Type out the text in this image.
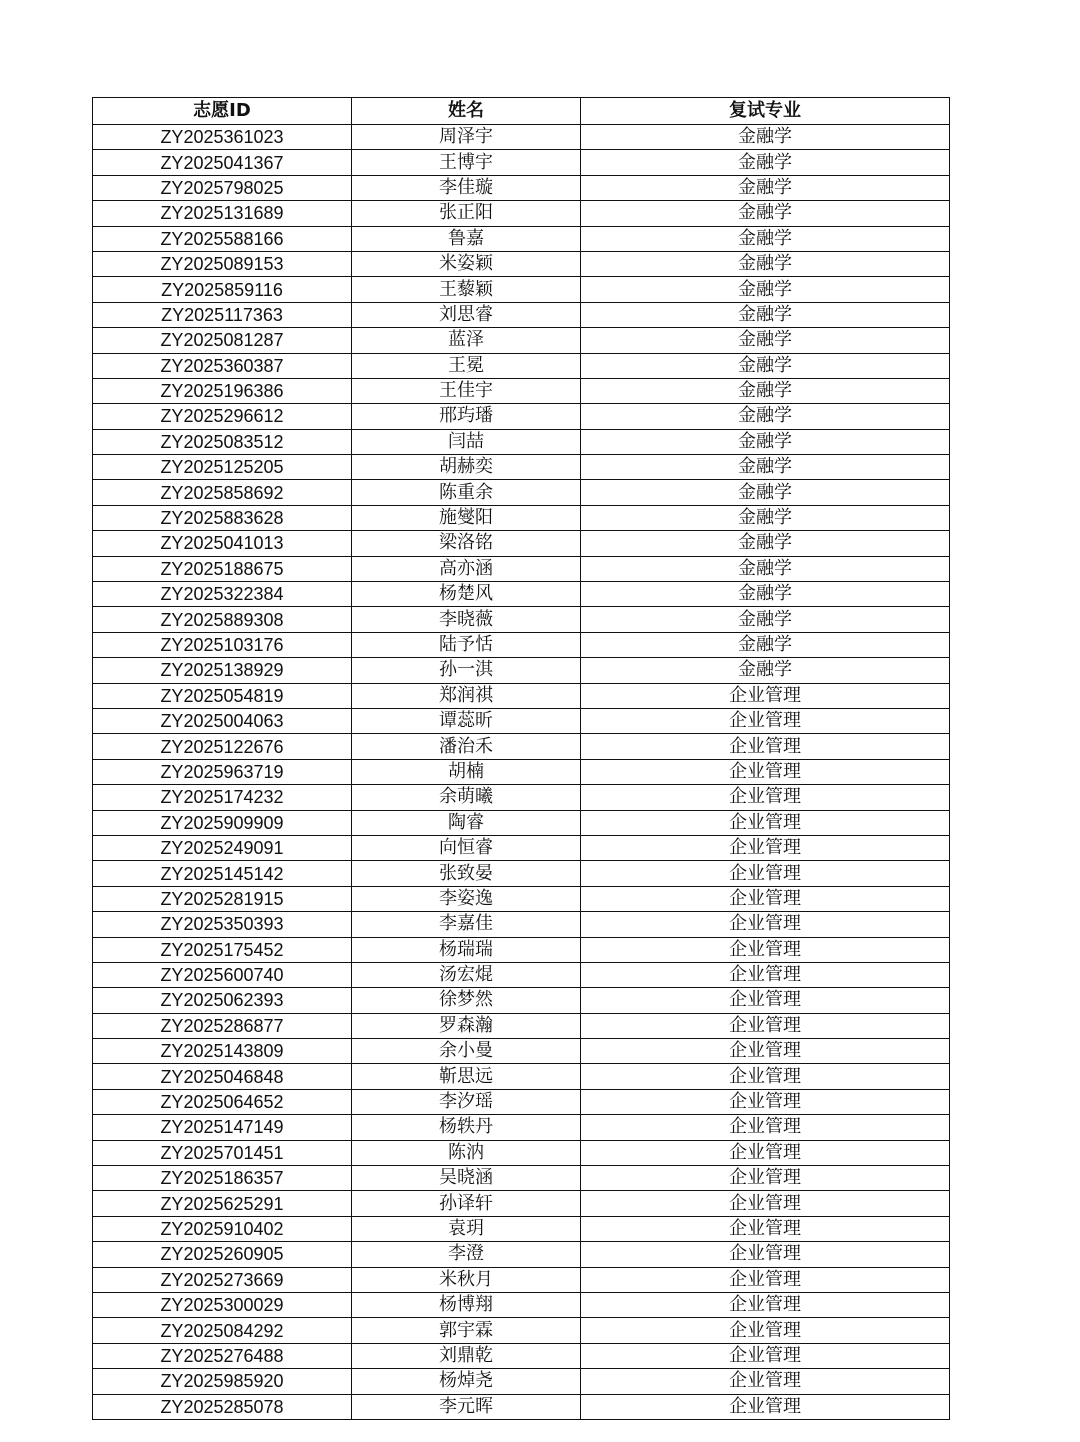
志愿ID	姓名	复试专业
ZY2025361023	周泽宇	金融学
ZY2025041367	王博宇	金融学
ZY2025798025	李佳璇	金融学
ZY2025131689	张正阳	金融学
ZY2025588166	鲁嘉	金融学
ZY2025089153	米姿颖	金融学
ZY2025859116	王藜颖	金融学
ZY2025117363	刘思睿	金融学
ZY2025081287	蓝泽	金融学
ZY2025360387	王冕	金融学
ZY2025196386	王佳宇	金融学
ZY2025296612	邢玙璠	金融学
ZY2025083512	闫喆	金融学
ZY2025125205	胡赫奕	金融学
ZY2025858692	陈重余	金融学
ZY2025883628	施燮阳	金融学
ZY2025041013	梁洛铭	金融学
ZY2025188675	高亦涵	金融学
ZY2025322384	杨楚风	金融学
ZY2025889308	李晓薇	金融学
ZY2025103176	陆予恬	金融学
ZY2025138929	孙一淇	金融学
ZY2025054819	郑润祺	企业管理
ZY2025004063	谭蕊昕	企业管理
ZY2025122676	潘治禾	企业管理
ZY2025963719	胡楠	企业管理
ZY2025174232	余萌曦	企业管理
ZY2025909909	陶睿	企业管理
ZY2025249091	向恒睿	企业管理
ZY2025145142	张致晏	企业管理
ZY2025281915	李姿逸	企业管理
ZY2025350393	李嘉佳	企业管理
ZY2025175452	杨瑞瑞	企业管理
ZY2025600740	汤宏焜	企业管理
ZY2025062393	徐梦然	企业管理
ZY2025286877	罗森瀚	企业管理
ZY2025143809	余小曼	企业管理
ZY2025046848	靳思远	企业管理
ZY2025064652	李汐瑶	企业管理
ZY2025147149	杨轶丹	企业管理
ZY2025701451	陈汭	企业管理
ZY2025186357	吴晓涵	企业管理
ZY2025625291	孙译轩	企业管理
ZY2025910402	袁玥	企业管理
ZY2025260905	李澄	企业管理
ZY2025273669	米秋月	企业管理
ZY2025300029	杨博翔	企业管理
ZY2025084292	郭宇霖	企业管理
ZY2025276488	刘鼎乾	企业管理
ZY2025985920	杨焯尧	企业管理
ZY2025285078	李元晖	企业管理
